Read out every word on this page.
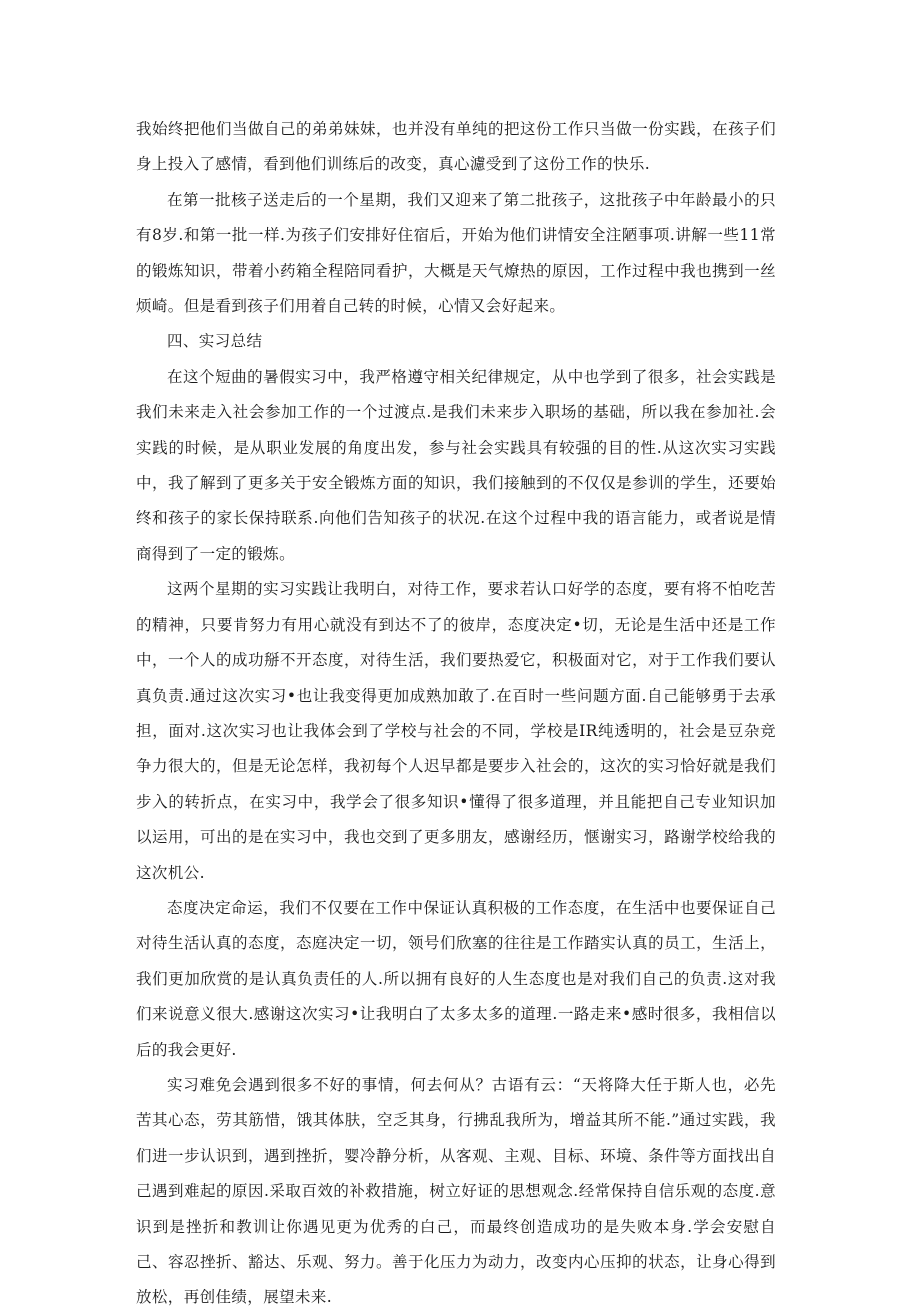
我始终把他们当做自己的弟弟妹妹，也并没有单纯的把这份工作只当做一份实践，在孩子们身上投入了感情，看到他们训练后的改变，真心濾受到了这份工作的快乐.

在第一批核子送走后的一个星期，我们又迎来了第二批孩子，这批孩子中年龄最小的只有8岁.和第一批一样.为孩子们安排好住宿后，开始为他们讲情安全注陋事项.讲解一些11常的锻炼知识，带着小药箱全程陪同看护，大概是天气燎热的原因，工作过程中我也携到一丝烦崎。但是看到孩子们用着自己转的时候，心情又会好起来。

四、实习总结

在这个短曲的暑假实习中，我严格遵守相关纪律规定，从中也学到了很多，社会实践是我们未来走入社会参加工作的一个过渡点.是我们未来步入职场的基础，所以我在参加社.会实践的时候，是从职业发展的角度出发，参与社会实践具有较强的目的性.从这次实习实践中，我了解到了更多关于安全锻炼方面的知识，我们接触到的不仅仅是参训的学生，还要始终和孩子的家长保持联系.向他们告知孩子的状况.在这个过程中我的语言能力，或者说是情商得到了一定的锻炼。

这两个星期的实习实践让我明白，对待工作，要求若认口好学的态度，要有将不怕吃苦的精神，只要肯努力有用心就没有到达不了的彼岸，态度决定•切，无论是生活中还是工作中，一个人的成功掰不开态度，对待生活，我们要热爱它，积极面对它，对于工作我们要认真负责.通过这次实习•也让我变得更加成熟加敢了.在百时一些问题方面.自己能够勇于去承担，面对.这次实习也让我体会到了学校与社会的不同，学校是IR纯透明的，社会是豆杂竞争力很大的，但是无论怎样，我初每个人迟早都是要步入社会的，这次的实习恰好就是我们步入的转折点，在实习中，我学会了很多知识•懂得了很多道理，并且能把自己专业知识加以运用，可出的是在实习中，我也交到了更多朋友，感谢经历，惬谢实习，路谢学校给我的这次机公.

态度决定命运，我们不仅要在工作中保证认真积极的工作态度，在生活中也要保证自己对待生活认真的态度，态庭决定一切，领号们欣塞的往往是工作踏实认真的员工，生活上，我们更加欣赏的是认真负责任的人.所以拥有良好的人生态度也是对我们自己的负责.这对我们来说意义很大.感谢这次实习•让我明白了太多太多的道理.一路走来•感时很多，我相信以后的我会更好.

实习难免会遇到很多不好的事情，何去何从？古语有云：“天将降大任于斯人也，必先苦其心态，劳其筋惜，饿其体肤，空乏其身，行拂乱我所为，增益其所不能.”通过实践，我们进一步认识到，遇到挫折，婴冷静分析，从客观、主观、目标、环境、条件等方面找出自己遇到难起的原因.采取百效的补救措施，树立好证的思想观念.经常保持自信乐观的态度.意识到是挫折和教训让你遇见更为优秀的白己，而最终创造成功的是失败本身.学会安慰自己、容忍挫折、豁达、乐观、努力。善于化压力为动力，改变内心压抑的状态，让身心得到放松，再创佳绩，展望未来.
